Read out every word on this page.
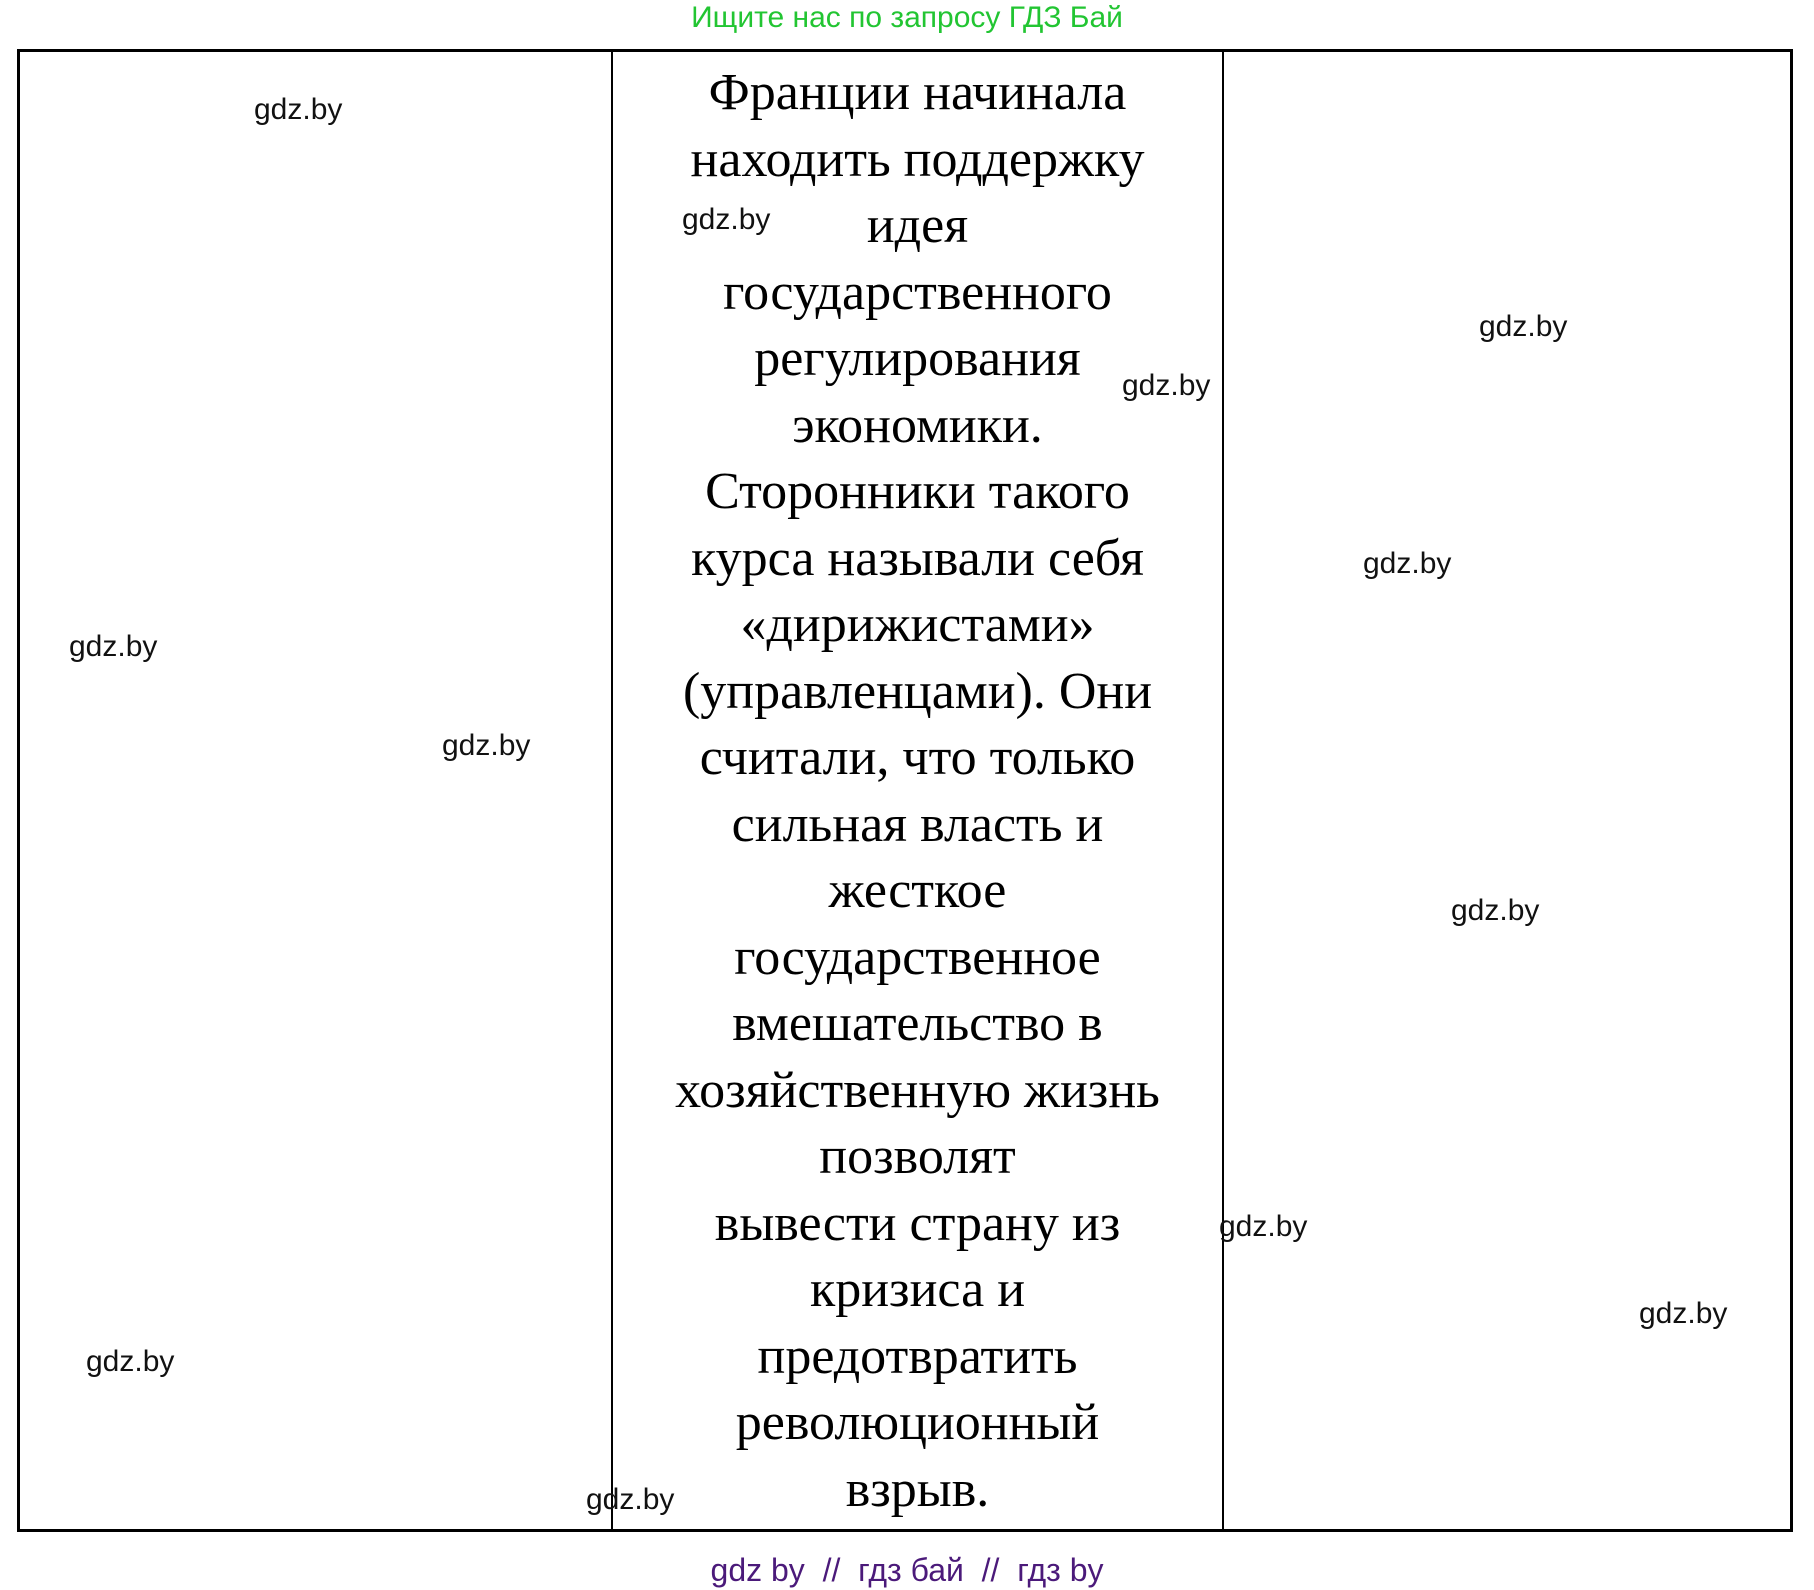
Ищите нас по запросу ГДЗ Бай
Франции начинала
находить поддержку
идея
государственного
регулирования
экономики.
Сторонники такого
курса называли себя
«дирижистами»
(управленцами). Они
считали, что только
сильная власть и
жесткое
государственное
вмешательство в
хозяйственную жизнь
позволят
вывести страну из
кризиса и
предотвратить
революционный
взрыв.
gdz.by
gdz.by
gdz.by
gdz.by
gdz.by
gdz.by
gdz.by
gdz.by
gdz.by
gdz.by
gdz.by
gdz.by
gdz by  //  гдз бай  //  гдз by
